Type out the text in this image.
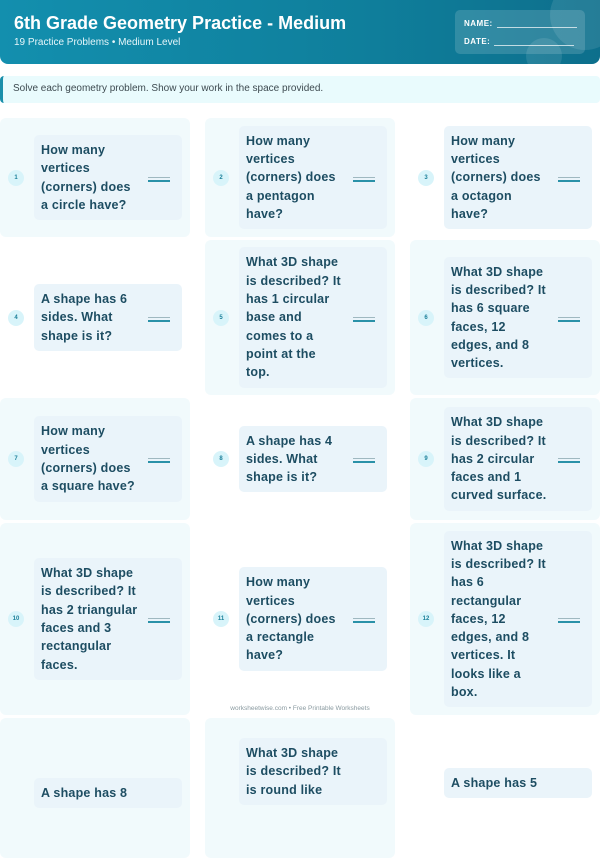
6th Grade Geometry Practice - Medium
19 Practice Problems • Medium Level
NAME:
DATE:
Solve each geometry problem. Show your work in the space provided.
1
How many vertices (corners) does a circle have?
2
How many vertices (corners) does a pentagon have?
3
How many vertices (corners) does a octagon have?
4
A shape has 6 sides. What shape is it?
5
What 3D shape is described? It has 1 circular base and comes to a point at the top.
6
What 3D shape is described? It has 6 square faces, 12 edges, and 8 vertices.
7
How many vertices (corners) does a square have?
8
A shape has 4 sides. What shape is it?
9
What 3D shape is described? It has 2 circular faces and 1 curved surface.
10
What 3D shape is described? It has 2 triangular faces and 3 rectangular faces.
11
How many vertices (corners) does a rectangle have?
12
What 3D shape is described? It has 6 rectangular faces, 12 edges, and 8 vertices. It looks like a box.
A shape has 8
What 3D shape is described? It is round like	A shape has 5
worksheetwise.com • Free Printable Worksheets
